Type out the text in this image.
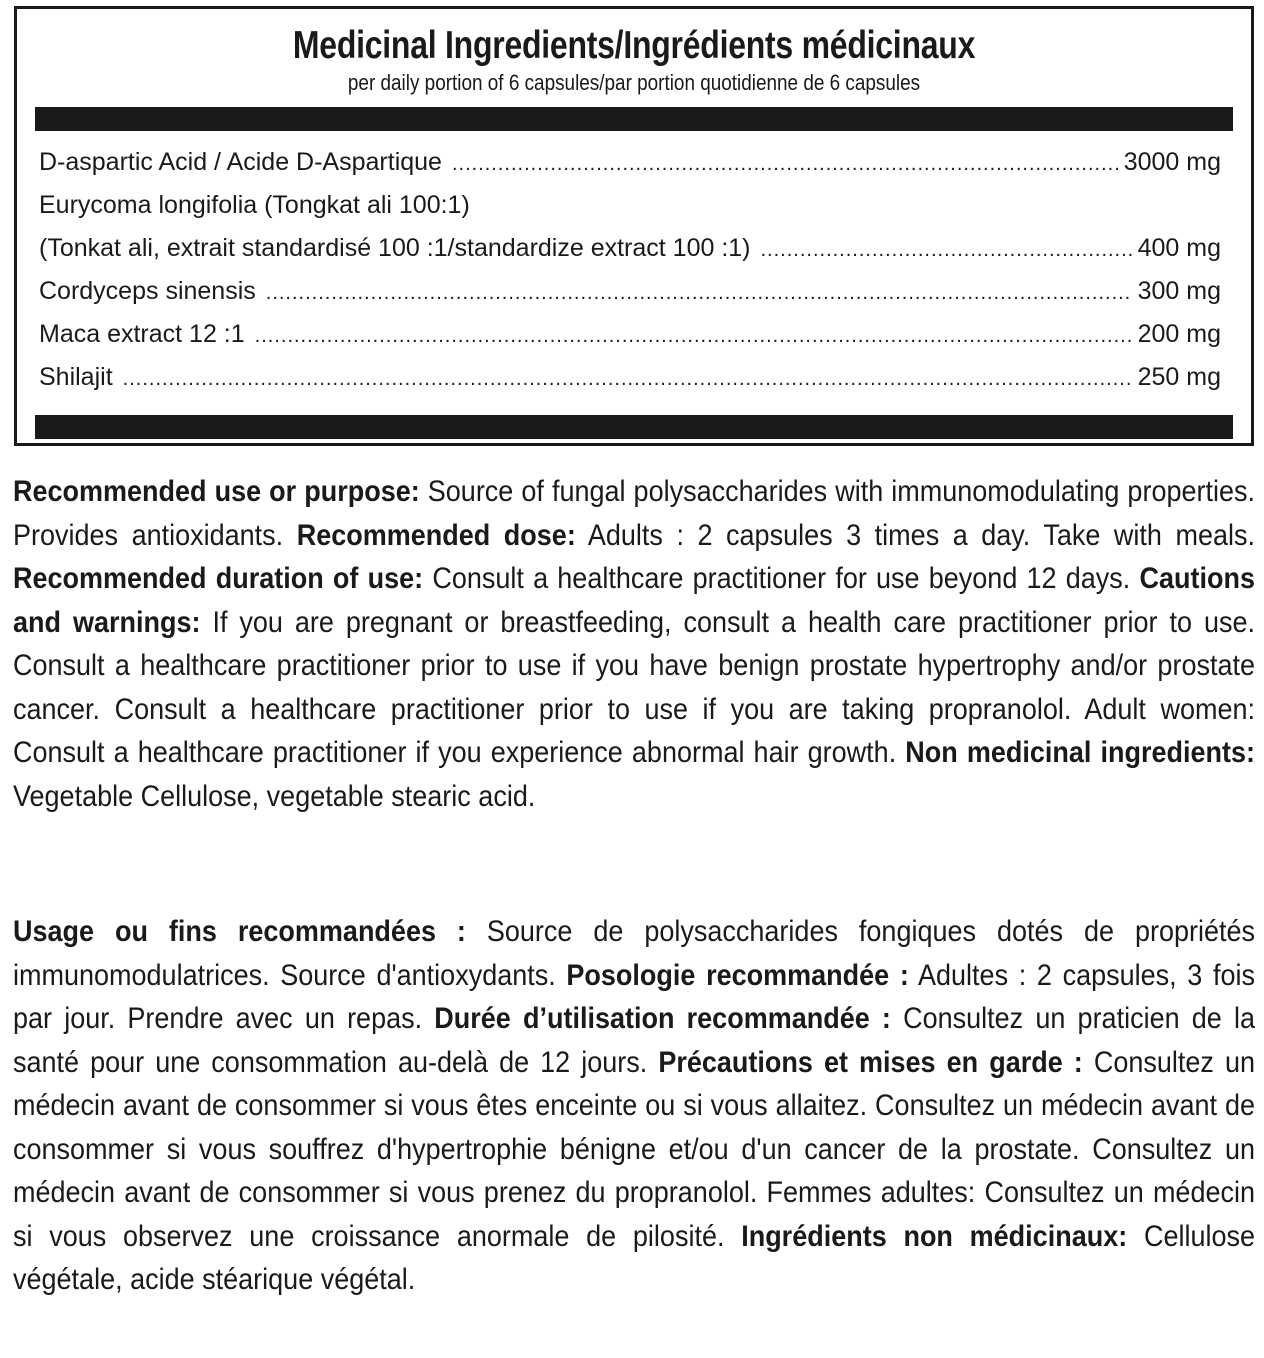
Medicinal Ingredients/Ingrédients médicinaux
per daily portion of 6 capsules/par portion quotidienne de 6 capsules
D-aspartic Acid / Acide D-Aspartique .....	3000 mg
Eurycoma longifolia (Tongkat ali 100:1)
(Tonkat ali, extrait standardisé 100 :1/standardize extract 100 :1) .....	400 mg
Cordyceps sinensis .....	300 mg
Maca extract 12 :1 .....	200 mg
Shilajit .....	250 mg
Recommended use or purpose: Source of fungal polysaccharides with immunomodulating properties. Provides antioxidants. Recommended dose: Adults : 2 capsules 3 times a day. Take with meals. Recommended duration of use: Consult a healthcare practitioner for use beyond 12 days. Cautions and warnings: If you are pregnant or breastfeeding, consult a health care practitioner prior to use. Consult a healthcare practitioner prior to use if you have benign prostate hypertrophy and/or prostate cancer. Consult a healthcare practitioner prior to use if you are taking propranolol. Adult women: Consult a healthcare practitioner if you experience abnormal hair growth. Non medicinal ingredients: Vegetable Cellulose, vegetable stearic acid.
Usage ou fins recommandées : Source de polysaccharides fongiques dotés de propriétés immunomodulatrices. Source d'antioxydants. Posologie recommandée : Adultes : 2 capsules, 3 fois par jour. Prendre avec un repas. Durée d’utilisation recommandée : Consultez un praticien de la santé pour une consommation au-delà de 12 jours. Précautions et mises en garde : Consultez un médecin avant de consommer si vous êtes enceinte ou si vous allaitez. Consultez un médecin avant de consommer si vous souffrez d'hypertrophie bénigne et/ou d'un cancer de la prostate. Consultez un médecin avant de consommer si vous prenez du propranolol. Femmes adultes: Consultez un médecin si vous observez une croissance anormale de pilosité. Ingrédients non médicinaux: Cellulose végétale, acide stéarique végétal.
